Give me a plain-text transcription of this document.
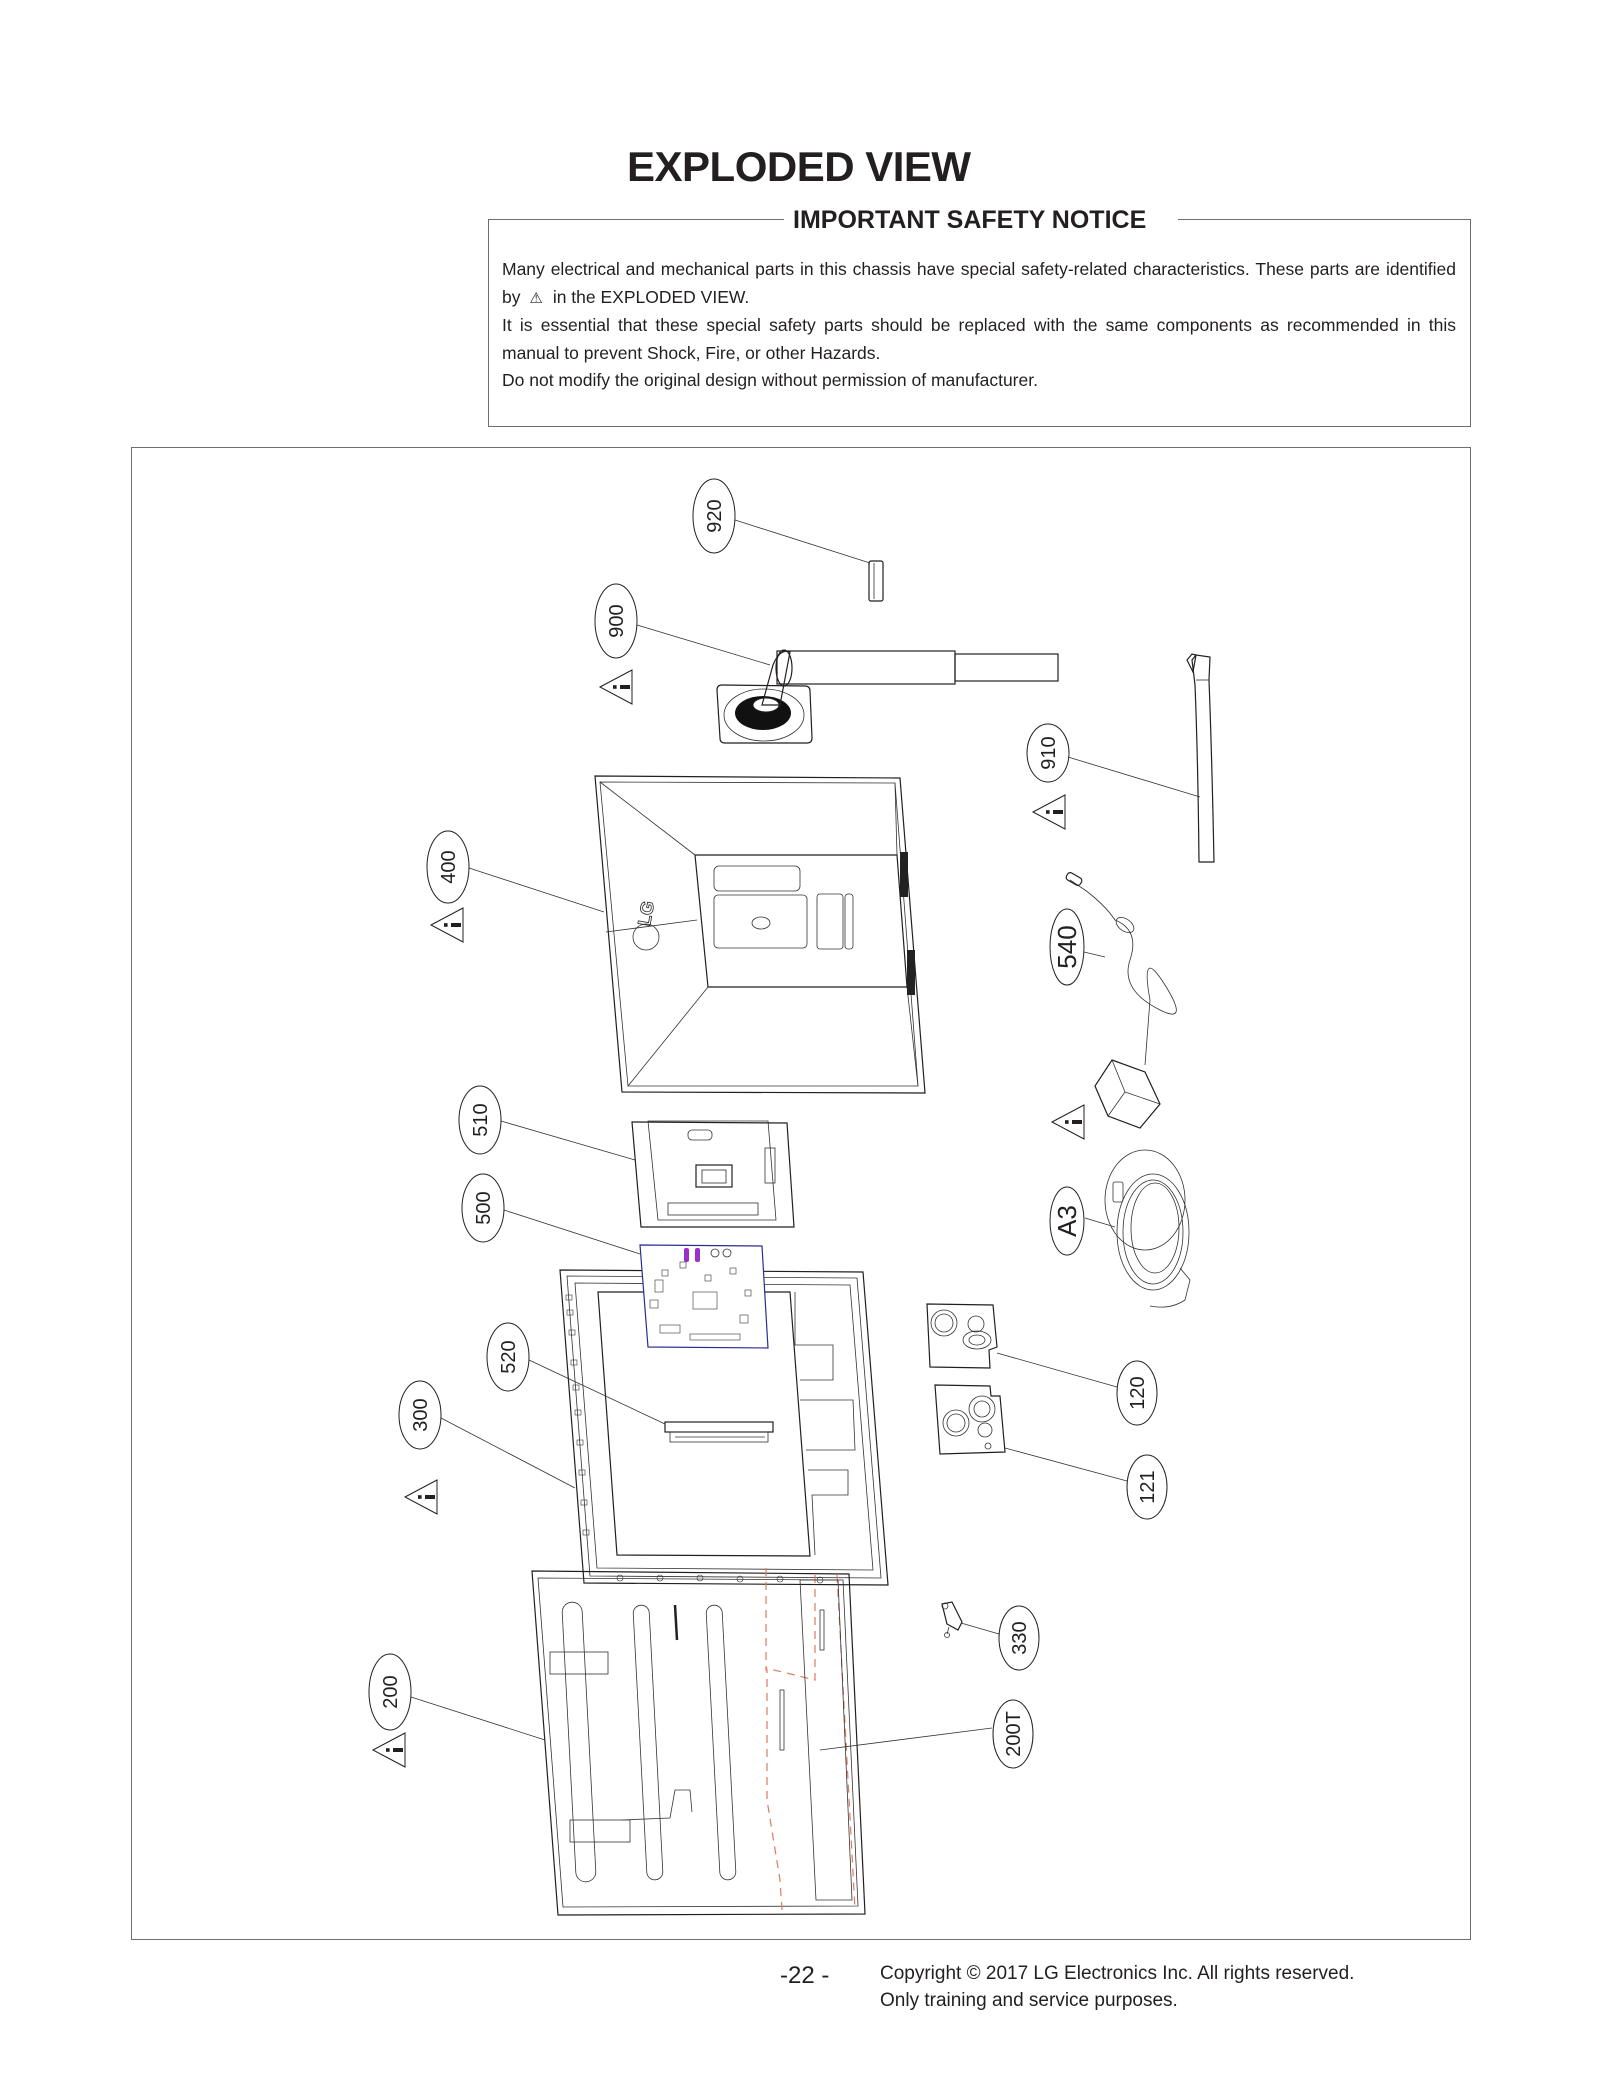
EXPLODED VIEW
IMPORTANT SAFETY NOTICE

Many electrical and mechanical parts in this chassis have special safety-related characteristics. These parts are identified by ⚠ in the EXPLODED VIEW.

It is essential that these special safety parts should be replaced with the same components as recommended in this manual to prevent Shock, Fire, or other Hazards.

Do not modify the original design without permission of manufacturer.

920
900
910
LG
400
540
A3
510
300
500
520
120
121
330
200
200T
-22 -	Copyright © 2017 LG Electronics Inc. All rights reserved.
Only training and service purposes.
